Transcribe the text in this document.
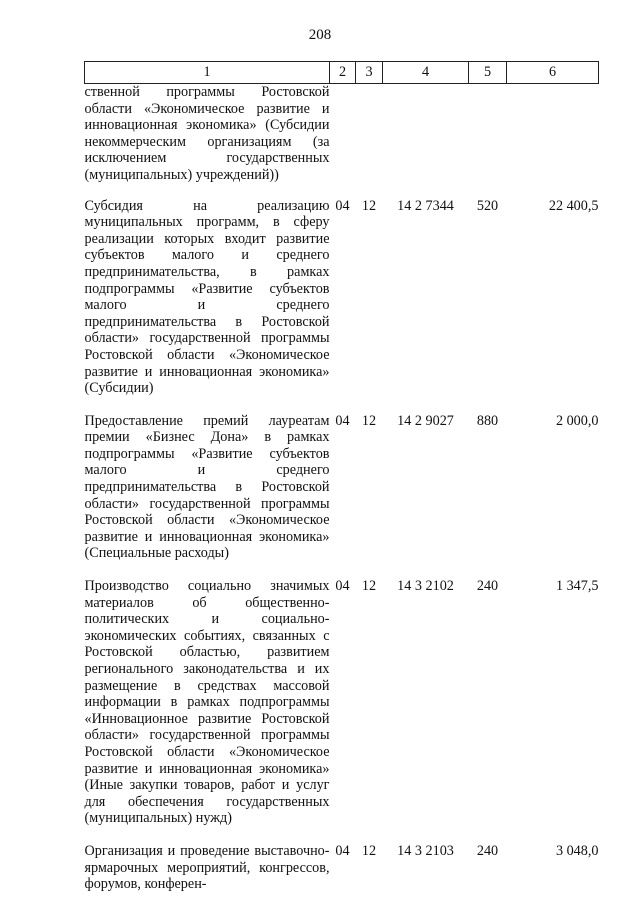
208
1	2	3	4	5	6
ственной программы Ростовской области «Экономическое развитие и инновационная экономика» (Субсидии некоммерческим организациям (за исключением государственных (муниципальных) учреждений))					
Субсидия на реализацию муниципальных программ, в сферу реализации которых входит развитие субъектов малого и среднего предпринимательства, в рамках подпрограммы «Развитие субъектов малого и среднего предпринимательства в Ростовской области» государственной программы Ростовской области «Экономическое развитие и инновационная экономика» (Субсидии)	04	12	14 2 7344	520	22 400,5
Предоставление премий лауреатам премии «Бизнес Дона» в рамках подпрограммы «Развитие субъектов малого и среднего предпринимательства в Ростовской области» государственной программы Ростовской области «Экономическое развитие и инновационная экономика» (Специальные расходы)	04	12	14 2 9027	880	2 000,0
Производство социально значимых материалов об общественно-политических и социально-экономических событиях, связанных с Ростовской областью, развитием регионального законодательства и их размещение в средствах массовой информации в рамках подпрограммы «Инновационное развитие Ростовской области» государственной программы Ростовской области «Экономическое развитие и инновационная экономика» (Иные закупки товаров, работ и услуг для обеспечения государственных (муниципальных) нужд)	04	12	14 3 2102	240	1 347,5
Организация и проведение выставочно-ярмарочных мероприятий, конгрессов, форумов, конферен-	04	12	14 3 2103	240	3 048,0
